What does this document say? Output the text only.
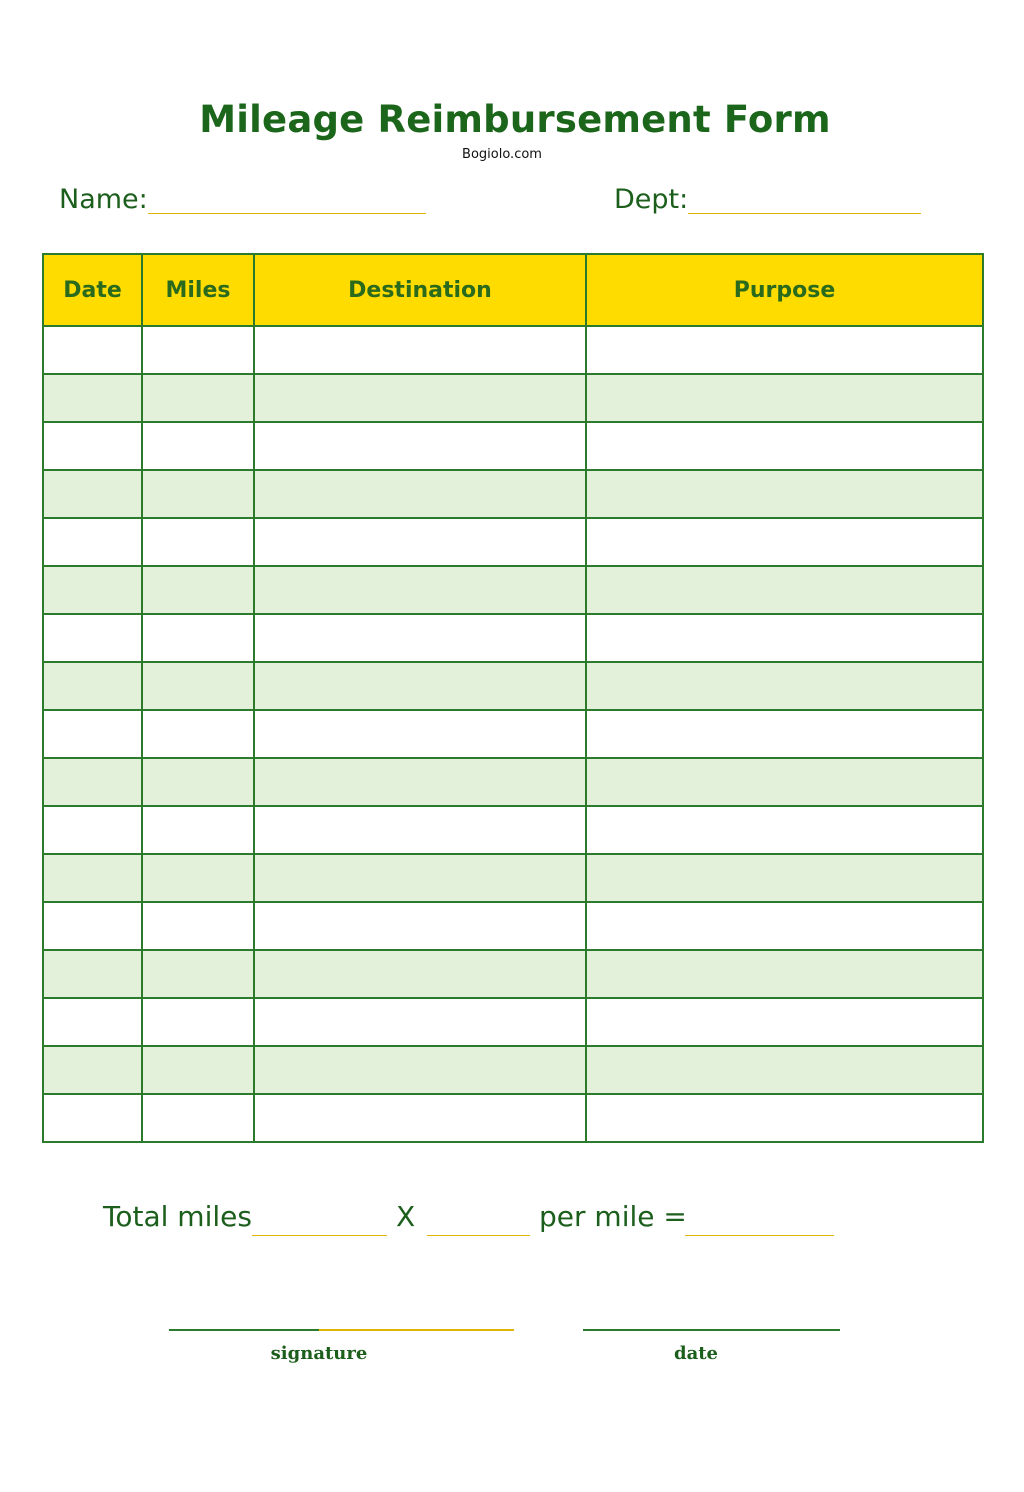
Mileage Reimbursement Form
Bogiolo.com
Name:	Dept:
Date	Miles	Destination	Purpose

Total miles	X	per mile =
signature	date
